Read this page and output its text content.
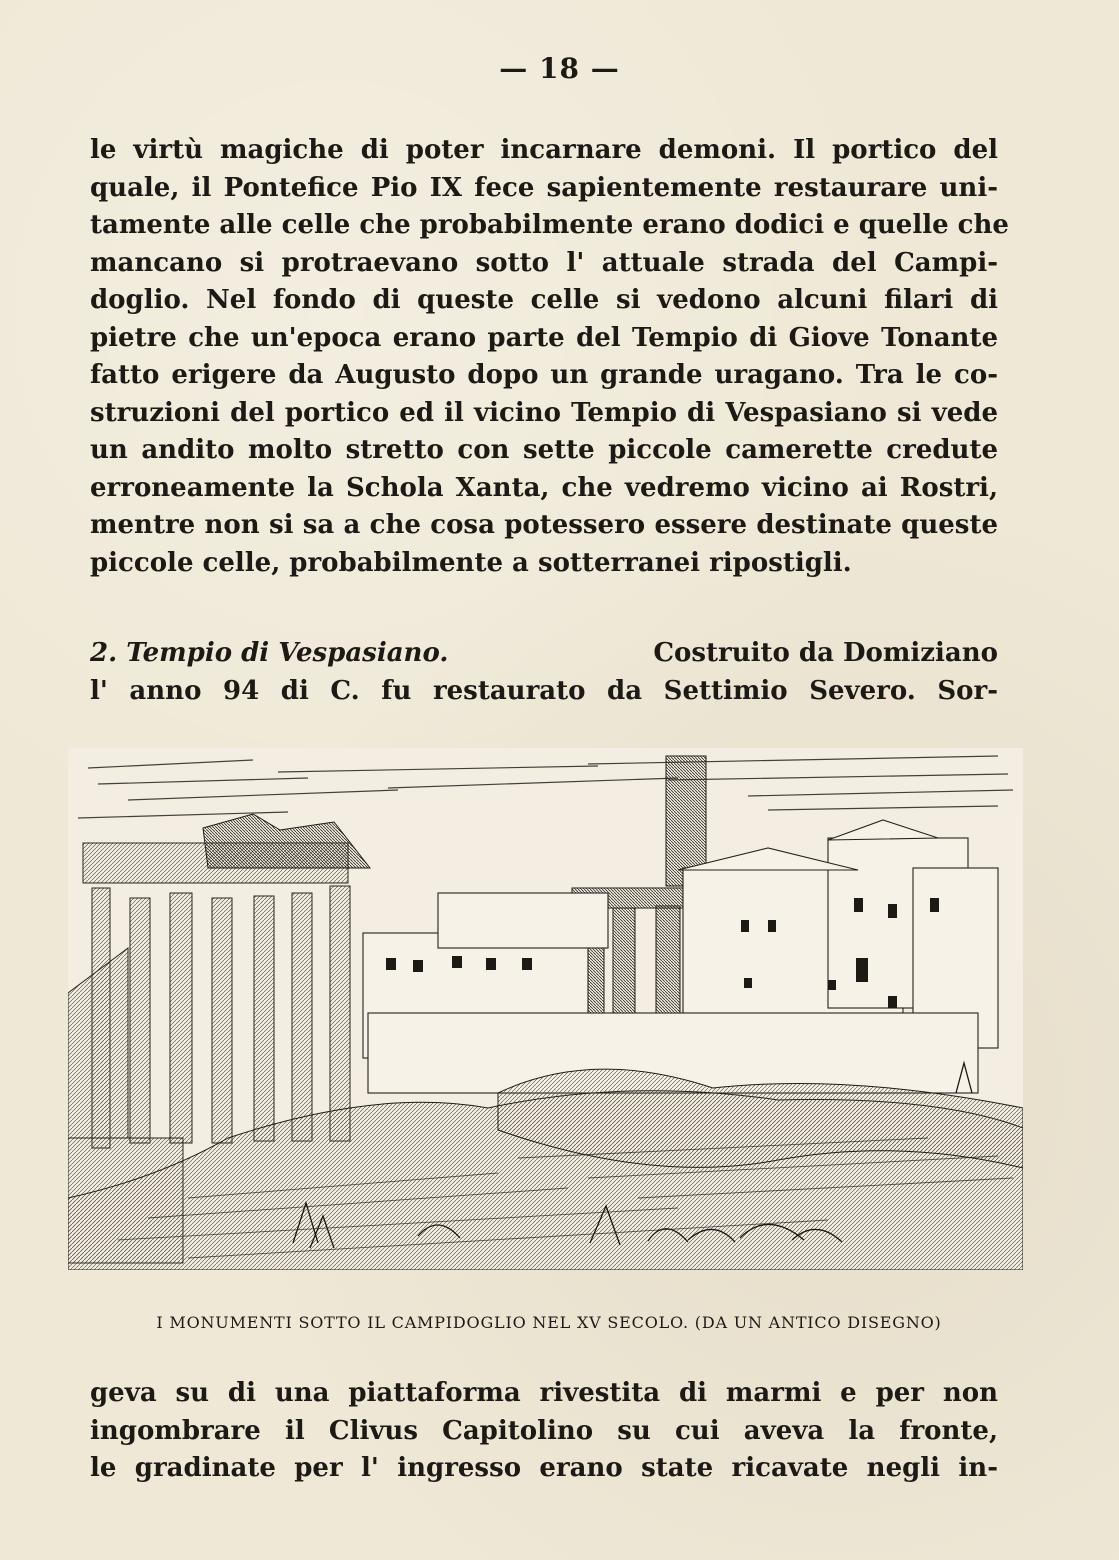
— 18 —
le virtù magiche di poter incarnare demoni. Il portico del
quale, il Pontefice Pio IX fece sapientemente restaurare uni-
tamente alle celle che probabilmente erano dodici e quelle che
mancano si protraevano sotto l' attuale strada del Campi-
doglio. Nel fondo di queste celle si vedono alcuni filari di
pietre che un'epoca erano parte del Tempio di Giove Tonante
fatto erigere da Augusto dopo un grande uragano. Tra le co-
struzioni del portico ed il vicino Tempio di Vespasiano si vede
un andito molto stretto con sette piccole camerette credute
erroneamente la Schola Xanta, che vedremo vicino ai Rostri,
mentre non si sa a che cosa potessero essere destinate queste
piccole celle, probabilmente a sotterranei ripostigli.
2. Tempio di Vespasiano.	Costruito da Domiziano
l' anno 94 di C. fu restaurato da Settimio Severo. Sor-
I MONUMENTI SOTTO IL CAMPIDOGLIO NEL XV SECOLO. (DA UN ANTICO DISEGNO)
geva su di una piattaforma rivestita di marmi e per non
ingombrare il Clivus Capitolino su cui aveva la fronte,
le gradinate per l' ingresso erano state ricavate negli in-
